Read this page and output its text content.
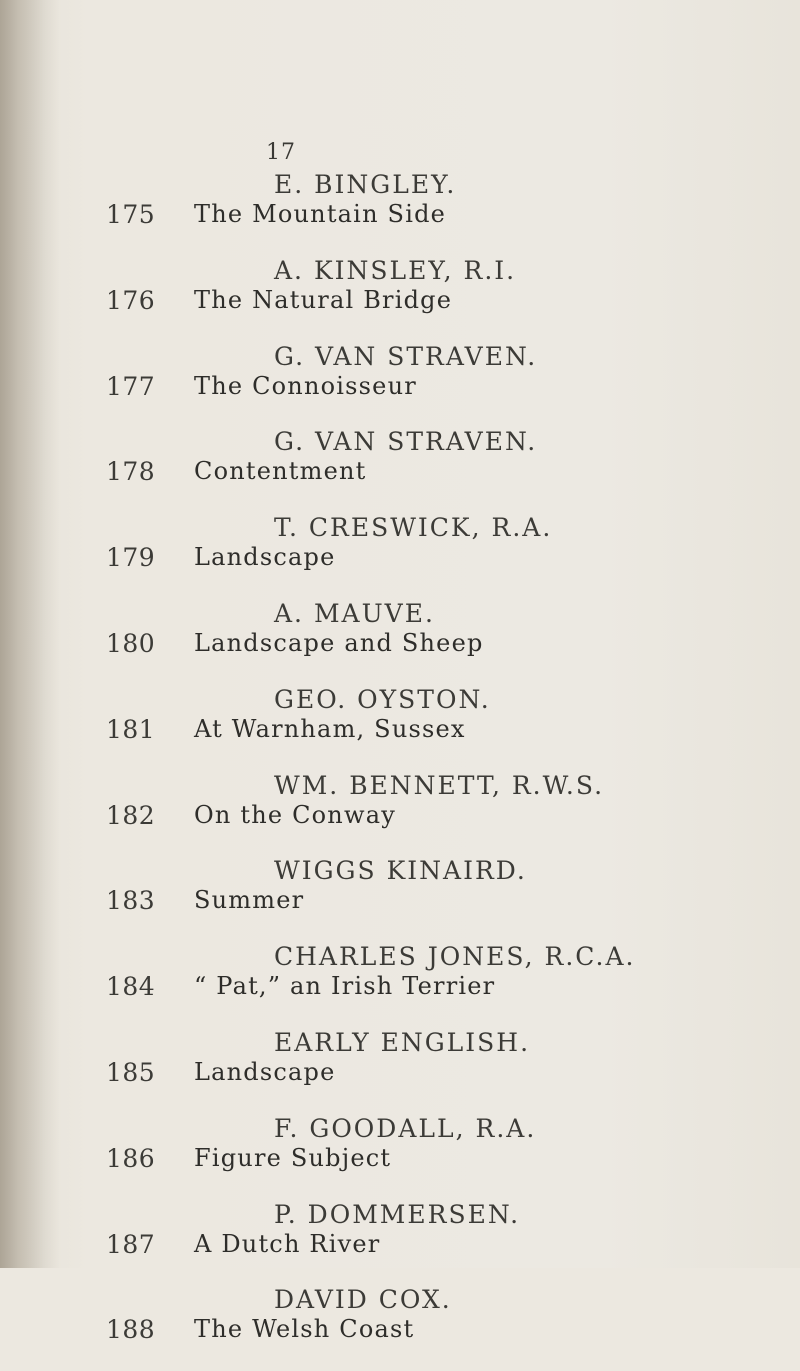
17
E. BINGLEY.
175 The Mountain Side
A. KINSLEY, R.I.
176 The Natural Bridge
G. VAN STRAVEN.
177 The Connoisseur
G. VAN STRAVEN.
178 Contentment
T. CRESWICK, R.A.
179 Landscape
A. MAUVE.
180 Landscape and Sheep
GEO. OYSTON.
181 At Warnham, Sussex
WM. BENNETT, R.W.S.
182 On the Conway
WIGGS KINAIRD.
183 Summer
CHARLES JONES, R.C.A.
184 “ Pat,” an Irish Terrier
EARLY ENGLISH.
185 Landscape
F. GOODALL, R.A.
186 Figure Subject
P. DOMMERSEN.
187 A Dutch River
DAVID COX.
188 The Welsh Coast
